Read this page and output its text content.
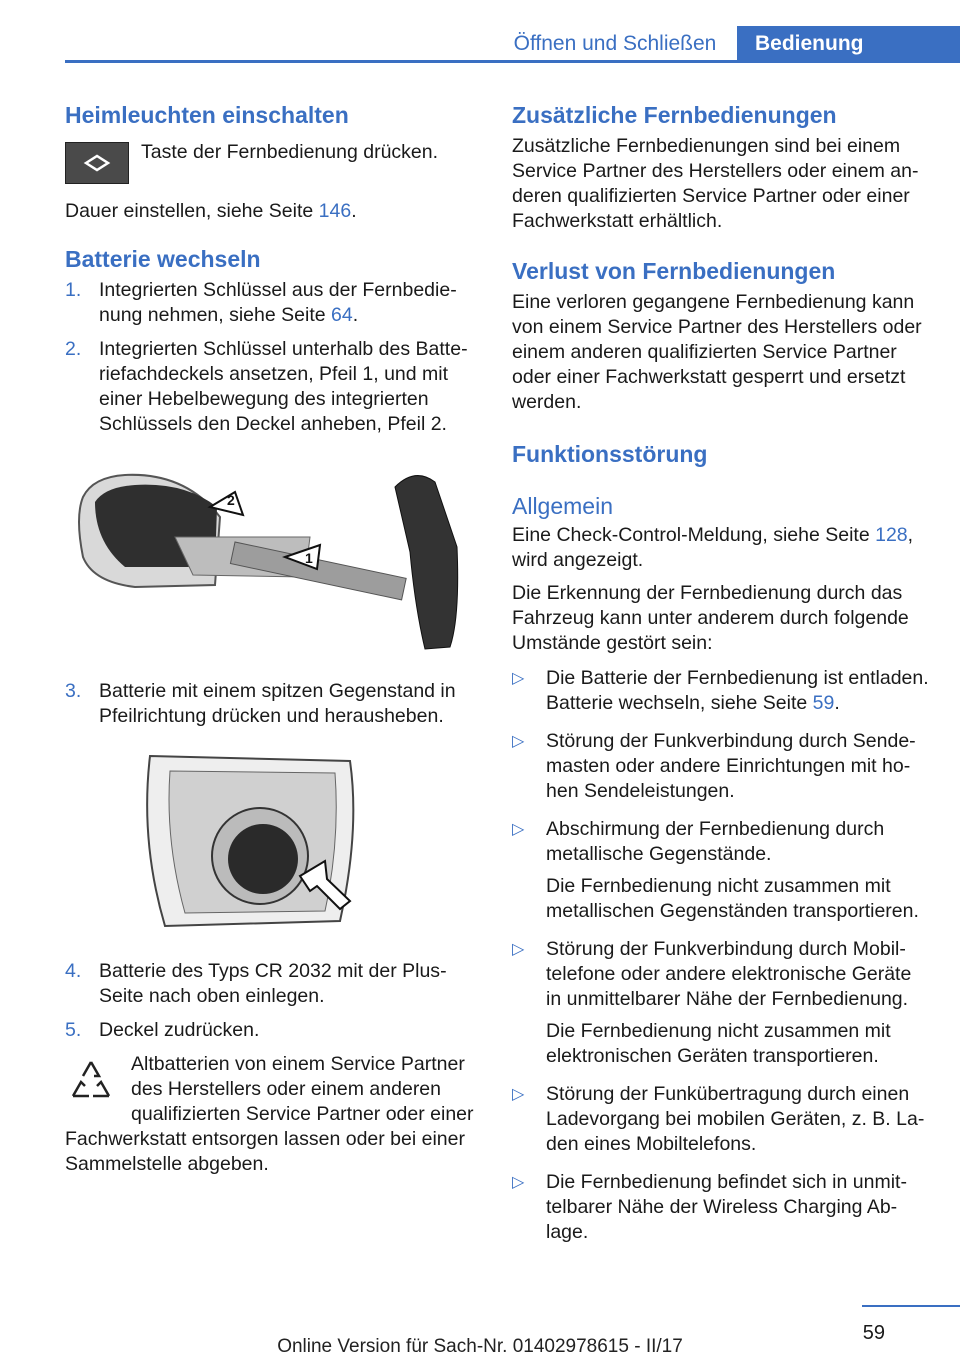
Öffnen und Schließen	Bedienung
Heimleuchten einschalten

Taste der Fernbedienung drücken.

Dauer einstellen, siehe Seite 146.

Batterie wechseln
1. Integrierten Schlüssel aus der Fernbedienung nehmen, siehe Seite 64.
2. Integrierten Schlüssel unterhalb des Batteriefachdeckels ansetzen, Pfeil 1, und mit einer Hebelbewegung des integrierten Schlüssels den Deckel anheben, Pfeil 2.
2
1
3. Batterie mit einem spitzen Gegenstand in Pfeilrichtung drücken und herausheben.
4. Batterie des Typs CR 2032 mit der PlusSeite nach oben einlegen.
5. Deckel zudrücken.

Altbatterien von einem Service Partner des Herstellers oder einem anderen qualifizierten Service Partner oder einer Fachwerkstatt entsorgen lassen oder bei einer Sammelstelle abgeben.

Zusätzliche Fernbedienungen

Zusätzliche Fernbedienungen sind bei einem Service Partner des Herstellers oder einem anderen qualifizierten Service Partner oder einer Fachwerkstatt erhältlich.

Verlust von Fernbedienungen

Eine verloren gegangene Fernbedienung kann von einem Service Partner des Herstellers oder einem anderen qualifizierten Service Partner oder einer Fachwerkstatt gesperrt und ersetzt werden.

Funktionsstörung
Allgemein

Eine Check-Control-Meldung, siehe Seite 128, wird angezeigt.

Die Erkennung der Fernbedienung durch das Fahrzeug kann unter anderem durch folgende Umstände gestört sein:

▷ Die Batterie der Fernbedienung ist entladen. Batterie wechseln, siehe Seite 59.
▷ Störung der Funkverbindung durch Sendemasten oder andere Einrichtungen mit hohen Sendeleistungen.
▷ Abschirmung der Fernbedienung durch metallische Gegenstände.
Die Fernbedienung nicht zusammen mit metallischen Gegenständen transportieren.
▷ Störung der Funkverbindung durch Mobiltelefone oder andere elektronische Geräte in unmittelbarer Nähe der Fernbedienung.
Die Fernbedienung nicht zusammen mit elektronischen Geräten transportieren.
▷ Störung der Funkübertragung durch einen Ladevorgang bei mobilen Geräten, z. B. Laden eines Mobiltelefons.
▷ Die Fernbedienung befindet sich in unmittelbarer Nähe der Wireless Charging Ablage.
59
Online Version für Sach-Nr. 01402978615 - II/17
